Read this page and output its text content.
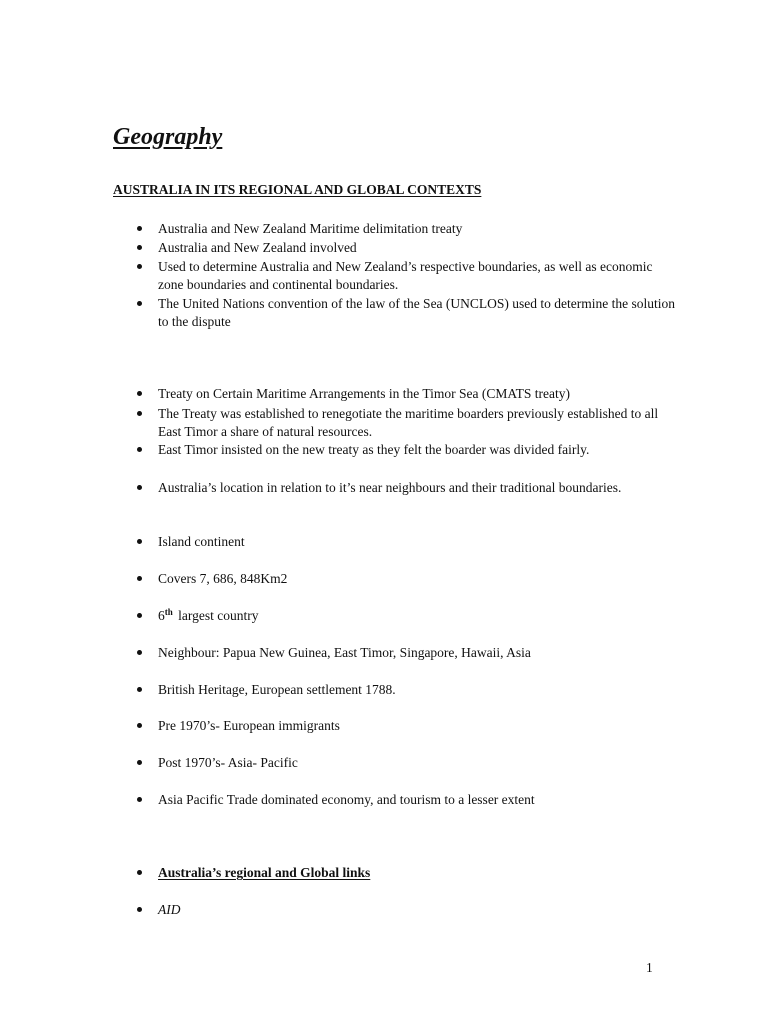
Geography
AUSTRALIA IN ITS REGIONAL AND GLOBAL CONTEXTS
Australia and New Zealand Maritime delimitation treaty
Australia and New Zealand involved
Used to determine Australia and New Zealand’s respective boundaries, as well as economic zone boundaries and continental boundaries.
The United Nations convention of the law of the Sea (UNCLOS) used to determine the solution to the dispute
Treaty on Certain Maritime Arrangements in the Timor Sea (CMATS treaty)
The Treaty was established to renegotiate the maritime boarders previously established to all East Timor a share of natural resources.
East Timor insisted on the new treaty as they felt the boarder was divided fairly.
Australia’s location in relation to it’s near neighbours and their traditional boundaries.
Island continent
Covers 7, 686, 848Km2
6th largest country
Neighbour: Papua New Guinea, East Timor, Singapore, Hawaii, Asia
British Heritage, European settlement 1788.
Pre 1970’s- European immigrants
Post 1970’s- Asia- Pacific
Asia Pacific Trade dominated economy, and tourism to a lesser extent
Australia’s regional and Global links
AID
1
